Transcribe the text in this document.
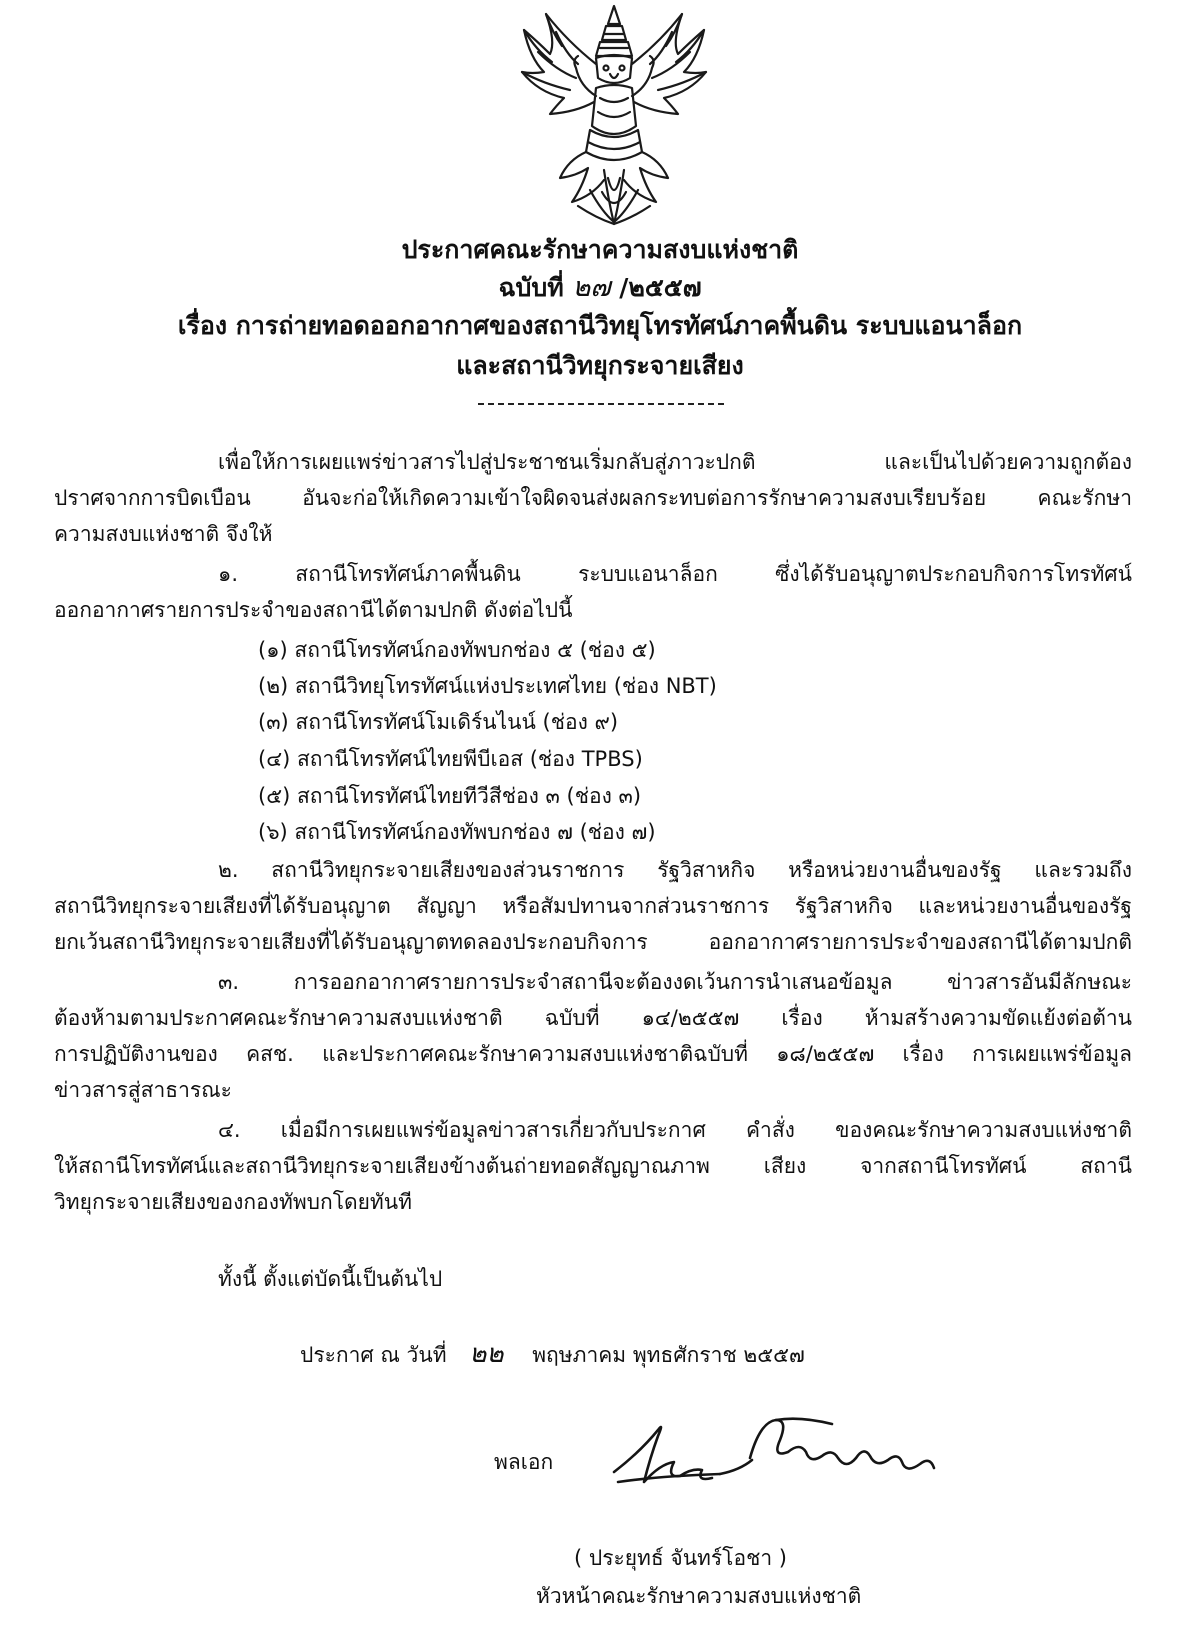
ประกาศคณะรักษาความสงบแห่งชาติ
ฉบับที่ ๒๗ /๒๕๕๗
เรื่อง การถ่ายทอดออกอากาศของสถานีวิทยุโทรทัศน์ภาคพื้นดิน ระบบแอนาล็อก
และสถานีวิทยุกระจายเสียง
เพื่อให้การเผยแพร่ข่าวสารไปสู่ประชาชนเริ่มกลับสู่ภาวะปกติ และเป็นไปด้วยความถูกต้อง
ปราศจากการบิดเบือน อันจะก่อให้เกิดความเข้าใจผิดจนส่งผลกระทบต่อการรักษาความสงบเรียบร้อย คณะรักษา
ความสงบแห่งชาติ จึงให้
๑. สถานีโทรทัศน์ภาคพื้นดิน ระบบแอนาล็อก ซึ่งได้รับอนุญาตประกอบกิจการโทรทัศน์
ออกอากาศรายการประจำของสถานีได้ตามปกติ ดังต่อไปนี้
(๑) สถานีโทรทัศน์กองทัพบกช่อง ๕ (ช่อง ๕)
(๒) สถานีวิทยุโทรทัศน์แห่งประเทศไทย (ช่อง NBT)
(๓) สถานีโทรทัศน์โมเดิร์นไนน์ (ช่อง ๙)
(๔) สถานีโทรทัศน์ไทยพีบีเอส (ช่อง TPBS)
(๕) สถานีโทรทัศน์ไทยทีวีสีช่อง ๓ (ช่อง ๓)
(๖) สถานีโทรทัศน์กองทัพบกช่อง ๗ (ช่อง ๗)
๒. สถานีวิทยุกระจายเสียงของส่วนราชการ รัฐวิสาหกิจ หรือหน่วยงานอื่นของรัฐ และรวมถึง
สถานีวิทยุกระจายเสียงที่ได้รับอนุญาต สัญญา หรือสัมปทานจากส่วนราชการ รัฐวิสาหกิจ และหน่วยงานอื่นของรัฐ
ยกเว้นสถานีวิทยุกระจายเสียงที่ได้รับอนุญาตทดลองประกอบกิจการ ออกอากาศรายการประจำของสถานีได้ตามปกติ
๓. การออกอากาศรายการประจำสถานีจะต้องงดเว้นการนำเสนอข้อมูล ข่าวสารอันมีลักษณะ
ต้องห้ามตามประกาศคณะรักษาความสงบแห่งชาติ ฉบับที่ ๑๔/๒๕๕๗ เรื่อง ห้ามสร้างความขัดแย้งต่อต้าน
การปฏิบัติงานของ คสช. และประกาศคณะรักษาความสงบแห่งชาติฉบับที่ ๑๘/๒๕๕๗ เรื่อง การเผยแพร่ข้อมูล
ข่าวสารสู่สาธารณะ
๔. เมื่อมีการเผยแพร่ข้อมูลข่าวสารเกี่ยวกับประกาศ คำสั่ง ของคณะรักษาความสงบแห่งชาติ
ให้สถานีโทรทัศน์และสถานีวิทยุกระจายเสียงข้างต้นถ่ายทอดสัญญาณภาพ เสียง จากสถานีโทรทัศน์ สถานี
วิทยุกระจายเสียงของกองทัพบกโดยทันที
ทั้งนี้ ตั้งแต่บัดนี้เป็นต้นไป
ประกาศ ณ วันที่ ๒๒ พฤษภาคม พุทธศักราช ๒๕๕๗
พลเอก
( ประยุทธ์ จันทร์โอชา )
หัวหน้าคณะรักษาความสงบแห่งชาติ
